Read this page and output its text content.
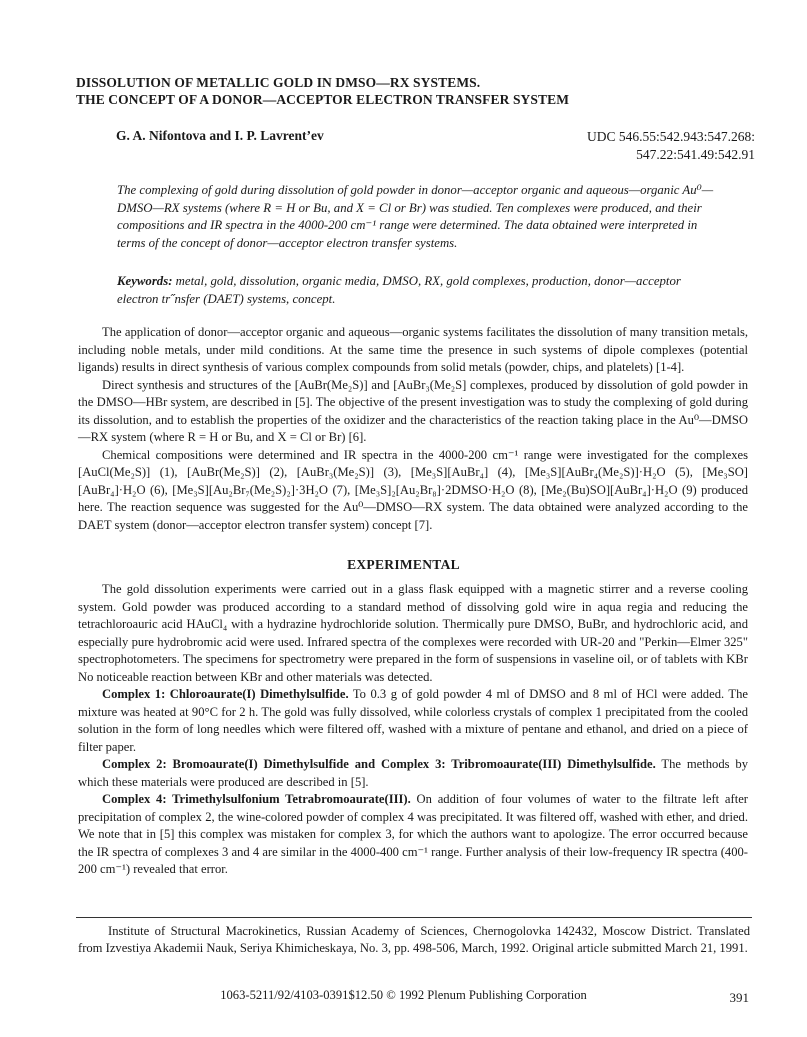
DISSOLUTION OF METALLIC GOLD IN DMSO—RX SYSTEMS.
THE CONCEPT OF A DONOR—ACCEPTOR ELECTRON TRANSFER SYSTEM
G. A. Nifontova and I. P. Lavrent’ev	UDC 546.55:542.943:547.268:
547.22:541.49:542.91
The complexing of gold during dissolution of gold powder in donor—acceptor organic and aqueous—organic Au⁰—DMSO—RX systems (where R = H or Bu, and X = Cl or Br) was studied. Ten complexes were produced, and their compositions and IR spectra in the 4000-200 cm⁻¹ range were determined. The data obtained were interpreted in terms of the concept of donor—acceptor electron transfer systems.
Keywords: metal, gold, dissolution, organic media, DMSO, RX, gold complexes, production, donor—acceptor electron tr˝nsfer (DAET) systems, concept.

The application of donor—acceptor organic and aqueous—organic systems facilitates the dissolution of many transition metals, including noble metals, under mild conditions. At the same time the presence in such systems of dipole complexes (potential ligands) results in direct synthesis of various complex compounds from solid metals (powder, chips, and platelets) [1-4].

Direct synthesis and structures of the [AuBr(Me₂S)] and [AuBr₃(Me₂S] complexes, produced by dissolution of gold powder in the DMSO—HBr system, are described in [5]. The objective of the present investigation was to study the complexing of gold during its dissolution, and to establish the properties of the oxidizer and the characteristics of the reaction taking place in the Au⁰—DMSO—RX system (where R = H or Bu, and X = Cl or Br) [6].

Chemical compositions were determined and IR spectra in the 4000-200 cm⁻¹ range were investigated for the complexes [AuCl(Me₂S)] (1), [AuBr(Me₂S)] (2), [AuBr₃(Me₂S)] (3), [Me₃S][AuBr₄] (4), [Me₃S][AuBr₄(Me₂S)]·H₂O (5), [Me₃SO][AuBr₄]·H₂O (6), [Me₃S][Au₂Br₇(Me₂S)₂]·3H₂O (7), [Me₃S]₂[Au₂Br₈]·2DMSO·H₂O (8), [Me₂(Bu)SO][AuBr₄]·H₂O (9) produced here. The reaction sequence was suggested for the Au⁰—DMSO—RX system. The data obtained were analyzed according to the DAET system (donor—acceptor electron transfer system) concept [7].

EXPERIMENTAL

The gold dissolution experiments were carried out in a glass flask equipped with a magnetic stirrer and a reverse cooling system. Gold powder was produced according to a standard method of dissolving gold wire in aqua regia and reducing the tetrachloroauric acid HAuCl₄ with a hydrazine hydrochloride solution. Thermically pure DMSO, BuBr, and hydrochloric acid, and especially pure hydrobromic acid were used. Infrared spectra of the complexes were recorded with UR-20 and "Perkin—Elmer 325" spectrophotometers. The specimens for spectrometry were prepared in the form of suspensions in vaseline oil, or of tablets with KBr No noticeable reaction between KBr and other materials was detected.

Complex 1: Chloroaurate(I) Dimethylsulfide. To 0.3 g of gold powder 4 ml of DMSO and 8 ml of HCl were added. The mixture was heated at 90°C for 2 h. The gold was fully dissolved, while colorless crystals of complex 1 precipitated from the cooled solution in the form of long needles which were filtered off, washed with a mixture of pentane and ethanol, and dried on a piece of filter paper.

Complex 2: Bromoaurate(I) Dimethylsulfide and Complex 3: Tribromoaurate(III) Dimethylsulfide. The methods by which these materials were produced are described in [5].

Complex 4: Trimethylsulfonium Tetrabromoaurate(III). On addition of four volumes of water to the filtrate left after precipitation of complex 2, the wine-colored powder of complex 4 was precipitated. It was filtered off, washed with ether, and dried. We note that in [5] this complex was mistaken for complex 3, for which the authors want to apologize. The error occurred because the IR spectra of complexes 3 and 4 are similar in the 4000-400 cm⁻¹ range. Further analysis of their low-frequency IR spectra (400-200 cm⁻¹) revealed that error.

Institute of Structural Macrokinetics, Russian Academy of Sciences, Chernogolovka 142432, Moscow District. Translated from Izvestiya Akademii Nauk, Seriya Khimicheskaya, No. 3, pp. 498-506, March, 1992. Original article submitted March 21, 1991.

1063-5211/92/4103-0391$12.50 © 1992 Plenum Publishing Corporation	391
